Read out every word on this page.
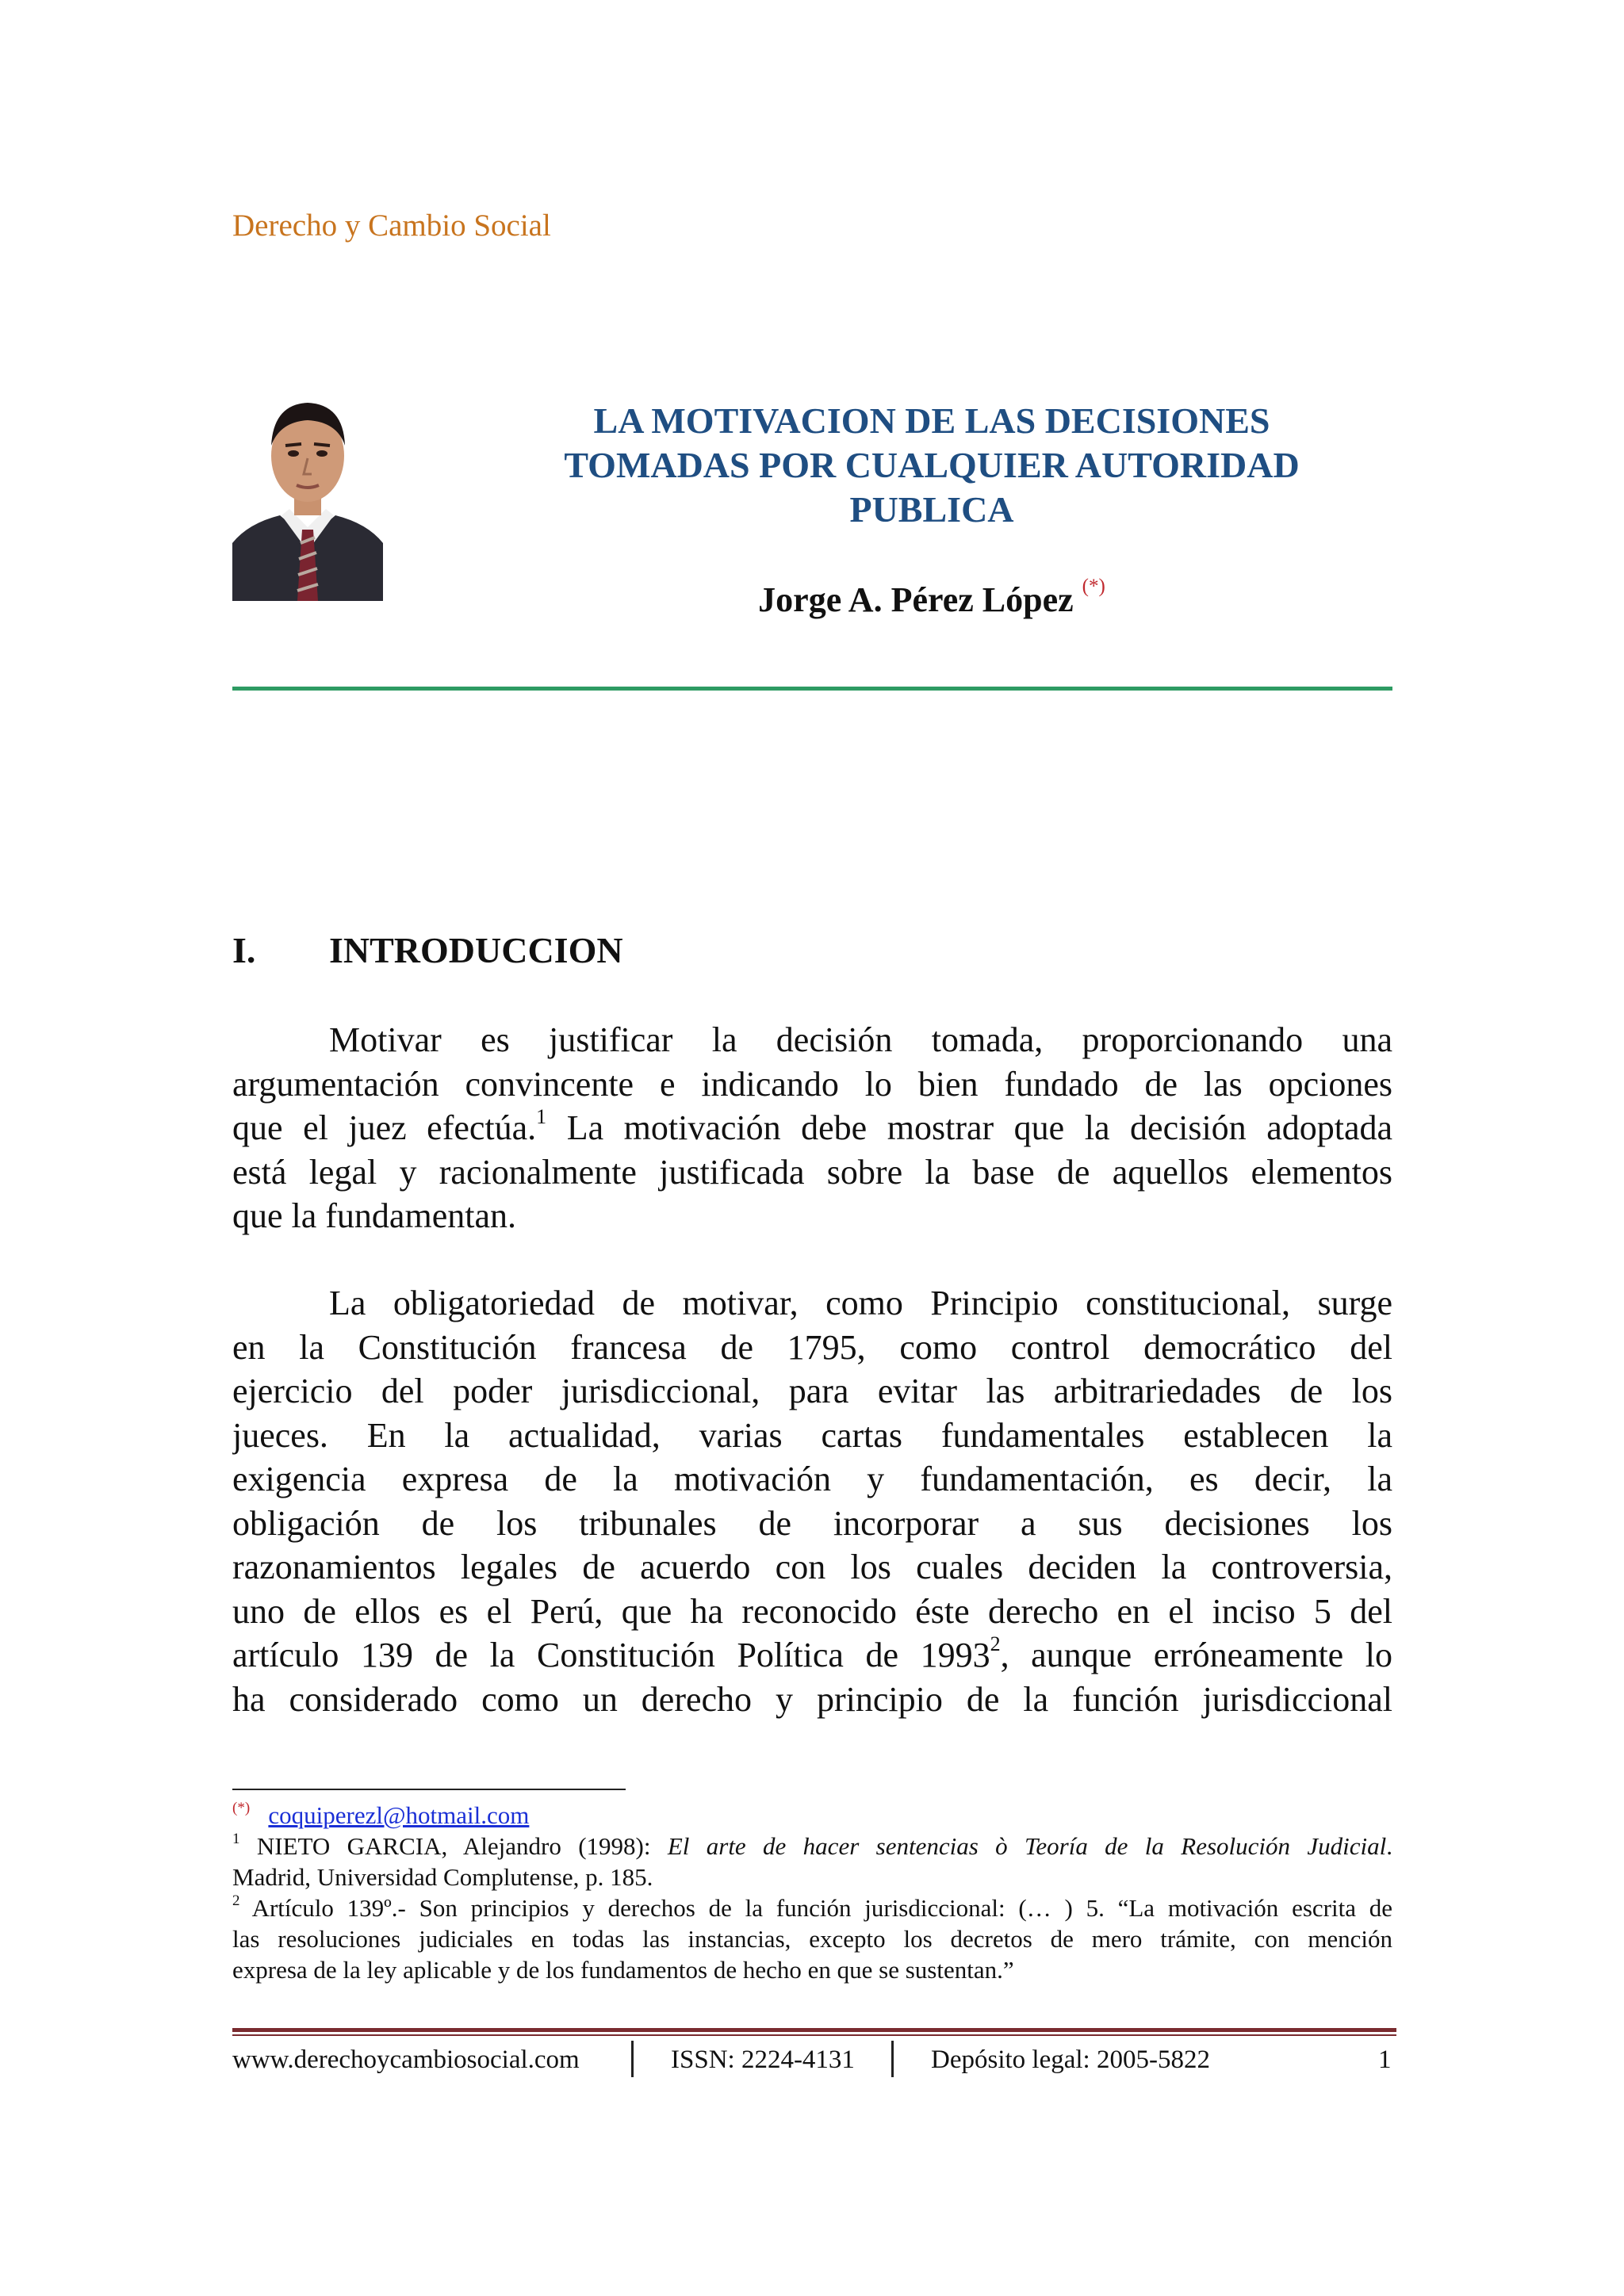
Derecho y Cambio Social
LA MOTIVACION DE LAS DECISIONES
TOMADAS POR CUALQUIER AUTORIDAD
PUBLICA
Jorge A. Pérez López (*)
I. INTRODUCCION
Motivar es justificar la decisión tomada, proporcionando una
argumentación convincente e indicando lo bien fundado de las opciones
que el juez efectúa.$^1$ La motivación debe mostrar que la decisión adoptada
está legal y racionalmente justificada sobre la base de aquellos elementos
que la fundamentan.
La obligatoriedad de motivar, como Principio constitucional, surge
en la Constitución francesa de 1795, como control democrático del
ejercicio del poder jurisdiccional, para evitar las arbitrariedades de los
jueces. En la actualidad, varias cartas fundamentales establecen la
exigencia expresa de la motivación y fundamentación, es decir, la
obligación de los tribunales de incorporar a sus decisiones los
razonamientos legales de acuerdo con los cuales deciden la controversia,
uno de ellos es el Perú, que ha reconocido éste derecho en el inciso 5 del
artículo 139 de la Constitución Política de 1993$^2$, aunque erróneamente lo
ha considerado como un derecho y principio de la función jurisdiccional
(*) coquiperezl@hotmail.com
$^1$ NIETO GARCIA, Alejandro (1998): El arte de hacer sentencias ò Teoría de la Resolución Judicial.
Madrid, Universidad Complutense, p. 185.
$^2$ Artículo 139º.- Son principios y derechos de la función jurisdiccional: (… ) 5. “La motivación escrita de
las resoluciones judiciales en todas las instancias, excepto los decretos de mero trámite, con mención
expresa de la ley aplicable y de los fundamentos de hecho en que se sustentan.”
www.derechoycambiosocial.com	ISSN: 2224-4131	Depósito legal: 2005-5822	1
